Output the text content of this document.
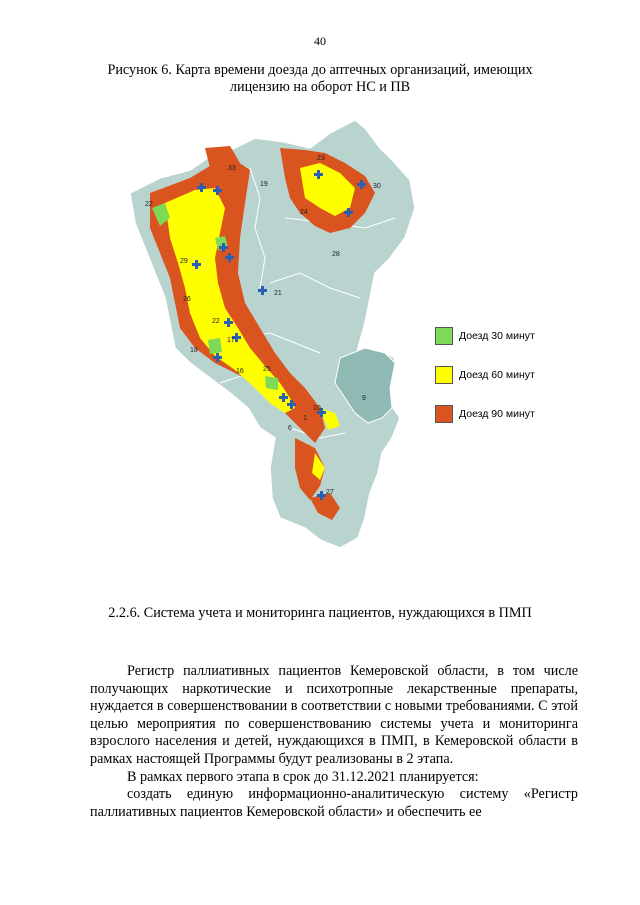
40
Рисунок 6. Карта времени доезда до аптечных организаций, имеющих
лицензию на оборот НС и ПВ
33
19
23
30
22
24
28
29
21
26
22
17
18
16	25
10
9
6
1
27
Доезд 30 минут
Доезд 60 минут
Доезд 90 минут
2.2.6. Система учета и мониторинга пациентов, нуждающихся в ПМП

Регистр паллиативных пациентов Кемеровской области, в том числе получающих наркотические и психотропные лекарственные препараты, нуждается в совершенствовании в соответствии с новыми требованиями. С этой целью мероприятия по совершенствованию системы учета и мониторинга взрослого населения и детей, нуждающихся в ПМП, в Кемеровской области в рамках настоящей Программы будут реализованы в 2 этапа.

В рамках первого этапа в срок до 31.12.2021 планируется:

создать единую информационно-аналитическую систему «Регистр паллиативных пациентов Кемеровской области» и обеспечить ее
